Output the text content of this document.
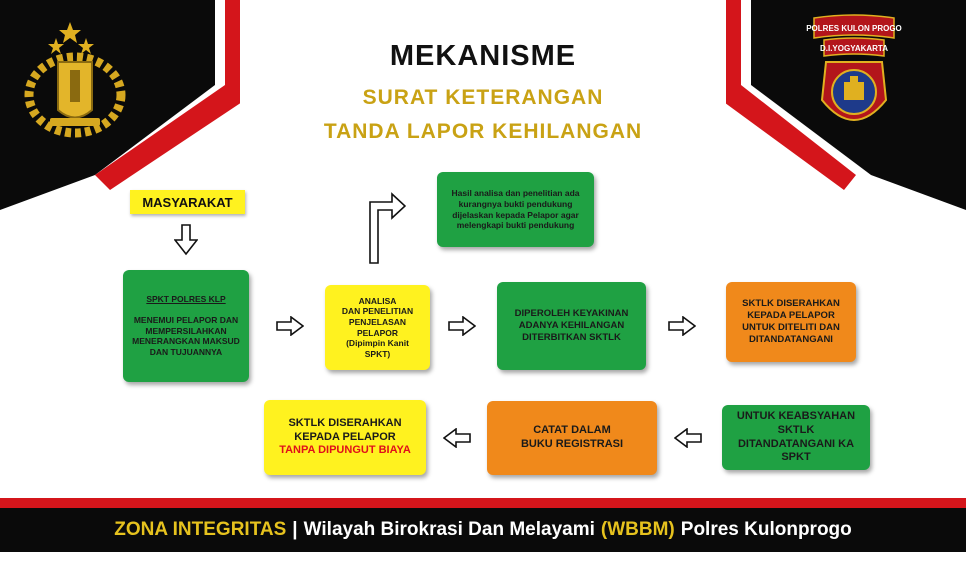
POLRES KULON PROGO
D.I.YOGYAKARTA
MEKANISME
SURAT KETERANGAN
TANDA LAPOR KEHILANGAN
MASYARAKAT
SPKT POLRES KLP
MENEMUI PELAPOR DAN MEMPERSILAHKAN MENERANGKAN MAKSUD DAN TUJUANNYA
ANALISA
DAN PENELITIAN PENJELASAN PELAPOR
(Dipimpin Kanit SPKT)
Hasil analisa dan penelitian ada kurangnya bukti pendukung dijelaskan kepada Pelapor agar melengkapi bukti pendukung
DIPEROLEH KEYAKINAN ADANYA KEHILANGAN DITERBITKAN SKTLK
SKTLK DISERAHKAN KEPADA PELAPOR UNTUK DITELITI DAN DITANDATANGANI
UNTUK KEABSYAHAN SKTLK DITANDATANGANI KA SPKT
CATAT DALAM
BUKU REGISTRASI
SKTLK DISERAHKAN
KEPADA PELAPOR
TANPA DIPUNGUT BIAYA
ZONA INTEGRITAS | Wilayah Birokrasi Dan Melayami (WBBM) Polres Kulonprogo
